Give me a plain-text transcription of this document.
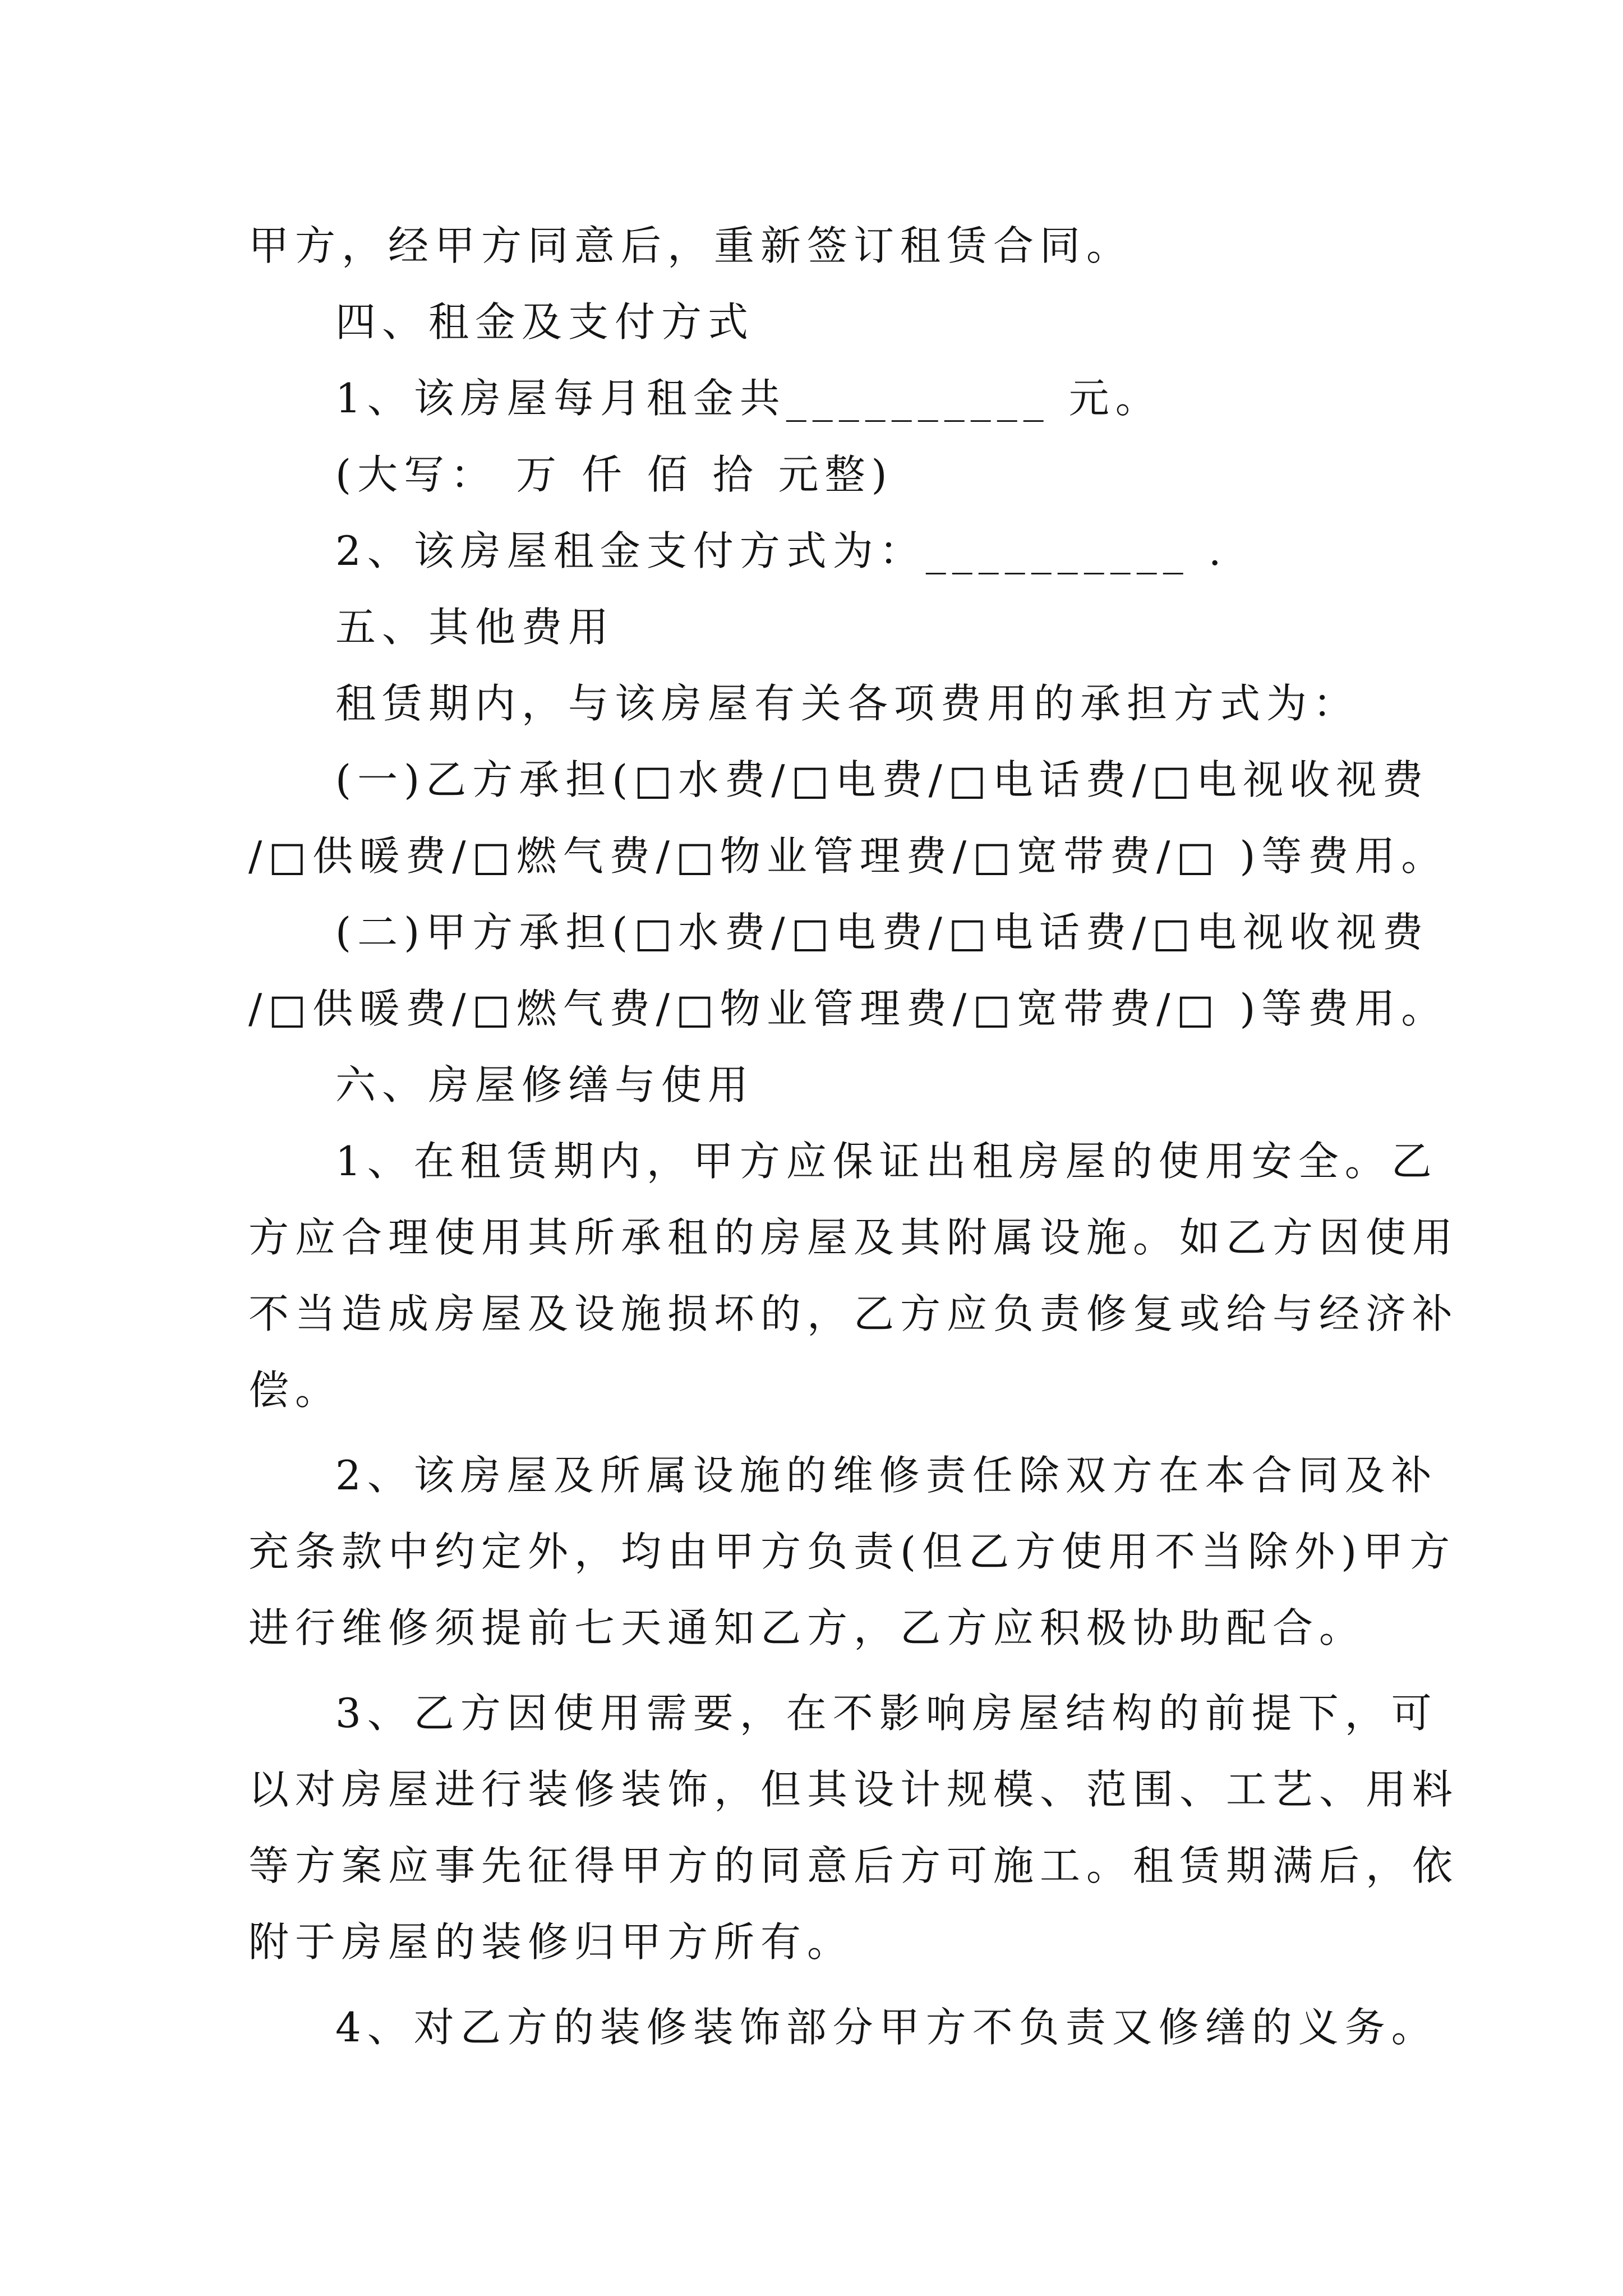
甲方，经甲方同意后，重新签订租赁合同。
四、租金及支付方式
1、该房屋每月租金共__________ 元。
(大写： 万 仟 佰 拾 元整)
2、该房屋租金支付方式为：__________ .
五、其他费用
租赁期内，与该房屋有关各项费用的承担方式为：
(一)乙方承担(□水费/□电费/□电话费/□电视收视费
/□供暖费/□燃气费/□物业管理费/□宽带费/□ )等费用。
(二)甲方承担(□水费/□电费/□电话费/□电视收视费
/□供暖费/□燃气费/□物业管理费/□宽带费/□ )等费用。
六、房屋修缮与使用
1、在租赁期内，甲方应保证出租房屋的使用安全。乙
方应合理使用其所承租的房屋及其附属设施。如乙方因使用
不当造成房屋及设施损坏的，乙方应负责修复或给与经济补
偿。
2、该房屋及所属设施的维修责任除双方在本合同及补
充条款中约定外，均由甲方负责(但乙方使用不当除外)甲方
进行维修须提前七天通知乙方，乙方应积极协助配合。
3、乙方因使用需要，在不影响房屋结构的前提下，可
以对房屋进行装修装饰，但其设计规模、范围、工艺、用料
等方案应事先征得甲方的同意后方可施工。租赁期满后，依
附于房屋的装修归甲方所有。
4、对乙方的装修装饰部分甲方不负责又修缮的义务。
